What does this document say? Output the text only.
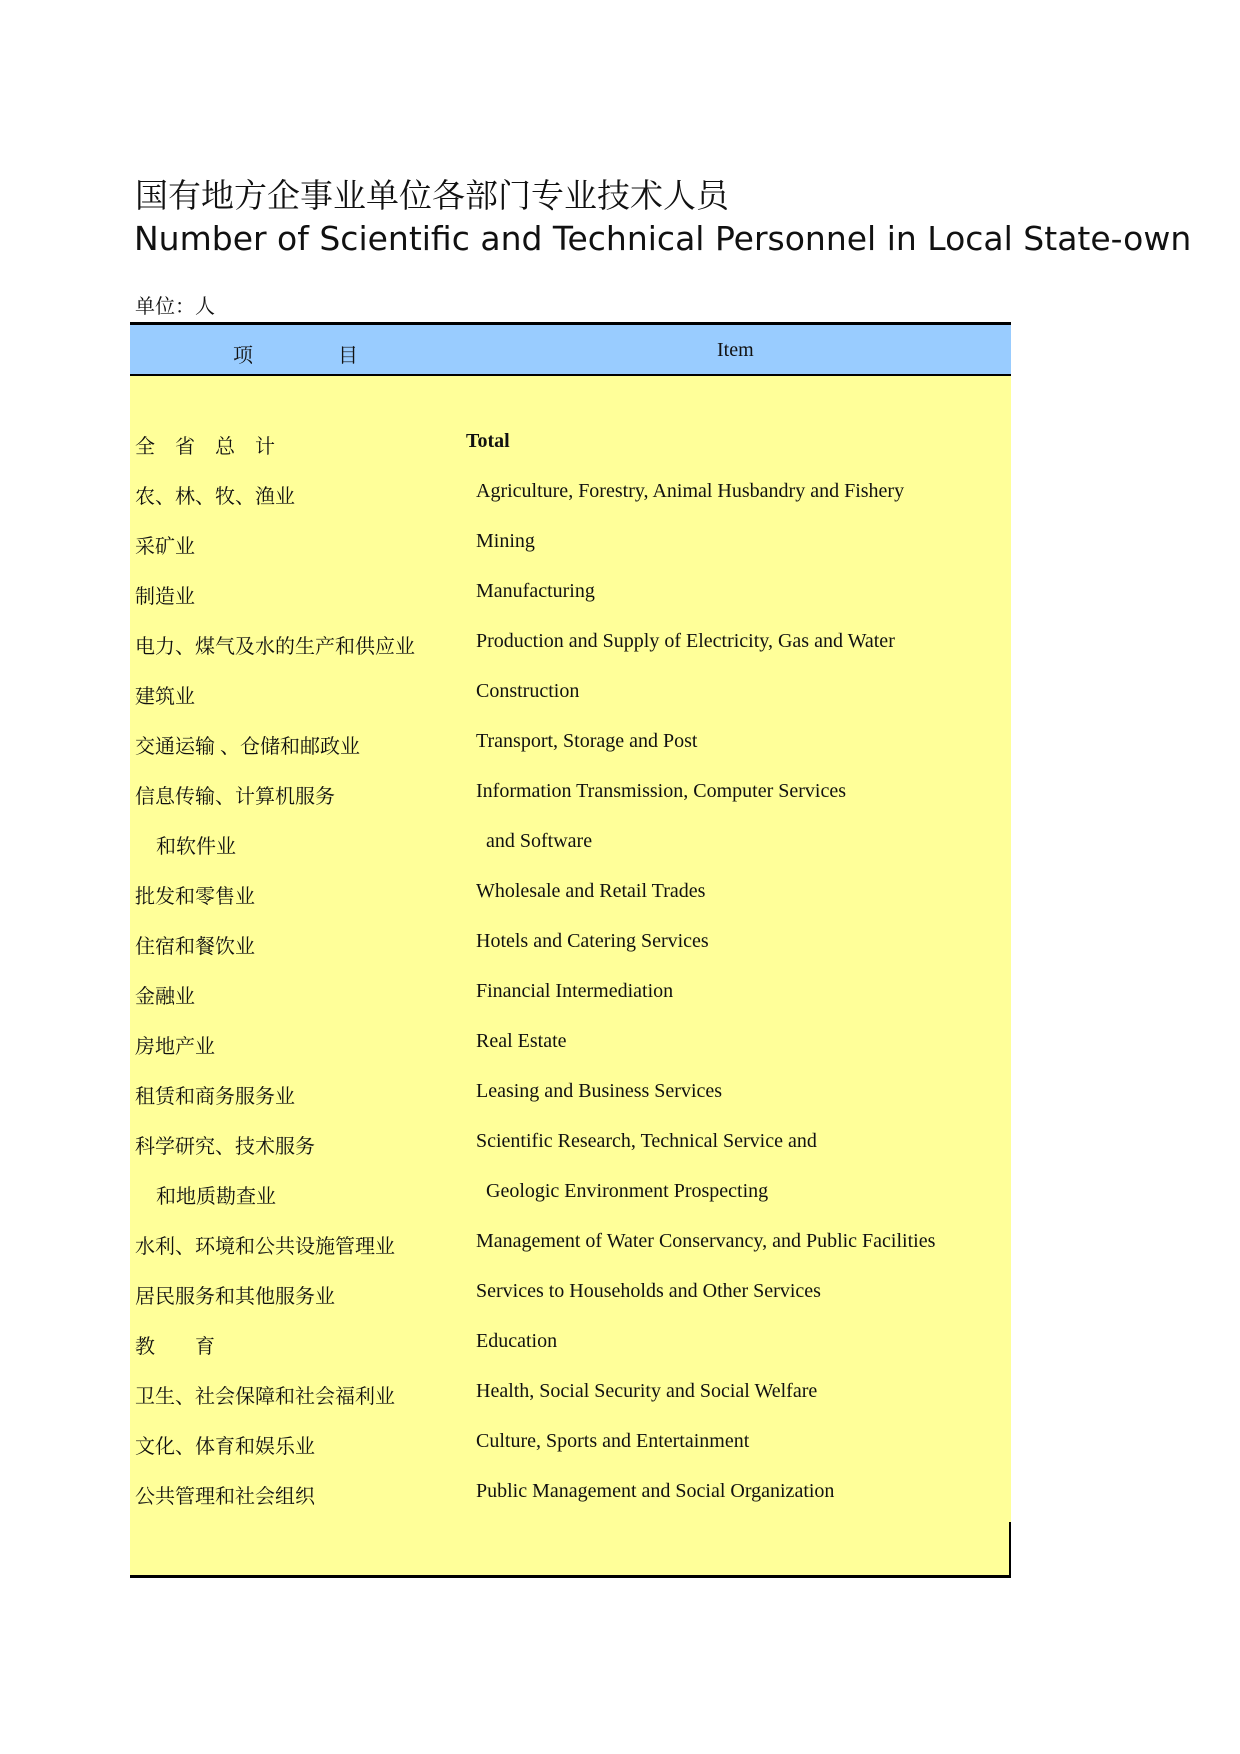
国有地方企事业单位各部门专业技术人员
Number of Scientific and Technical Personnel in Local State-own
单位：人
项 目	Item
全　省　总　计	Total
农、林、牧、渔业	Agriculture, Forestry, Animal Husbandry and Fishery
采矿业	Mining
制造业	Manufacturing
电力、煤气及水的生产和供应业	Production and Supply of Electricity, Gas and Water
建筑业	Construction
交通运输 、仓储和邮政业	Transport, Storage and Post
信息传输、计算机服务	Information Transmission, Computer Services
和软件业	and Software
批发和零售业	Wholesale and Retail Trades
住宿和餐饮业	Hotels and Catering Services
金融业	Financial Intermediation
房地产业	Real Estate
租赁和商务服务业	Leasing and Business Services
科学研究、技术服务	Scientific Research, Technical Service and
和地质勘查业	Geologic Environment Prospecting
水利、环境和公共设施管理业	Management of Water Conservancy, and Public Facilities
居民服务和其他服务业	Services to Households and Other Services
教　　育	Education
卫生、社会保障和社会福利业	Health, Social Security and Social Welfare
文化、体育和娱乐业	Culture, Sports and Entertainment
公共管理和社会组织	Public Management and Social Organization
